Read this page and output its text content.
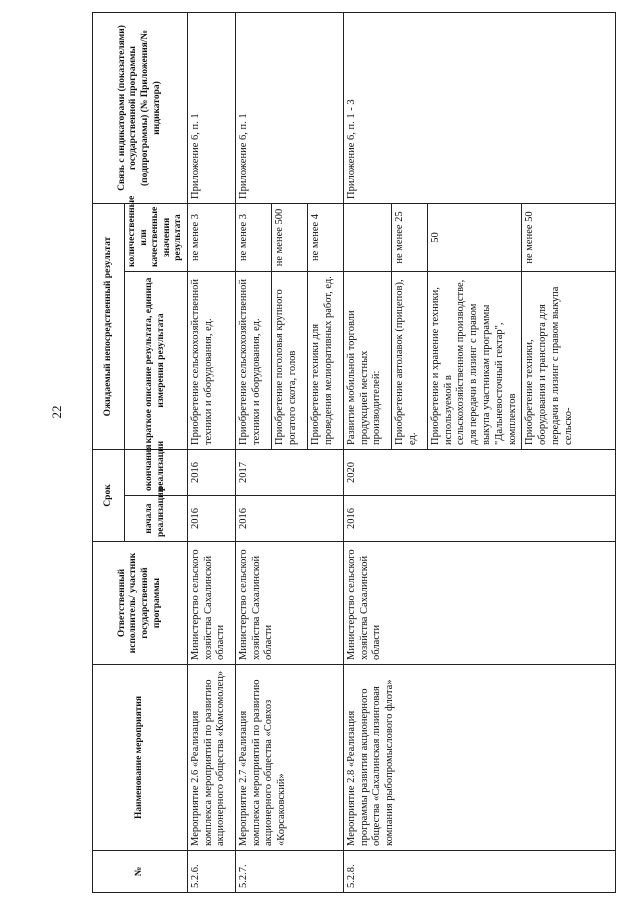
22
№	Наименование мероприятия	Ответственный исполнитель/ участник государственной программы	Срок		Ожидаемый непосредственный результат		Связь с индикаторами (показателями) государственной программы (подпрограммы) (№ Приложения/№ индикатора)
			начала реализации	окончания реализации	краткое описание результата, единица измерения результата	количественные или качественные значения результата	
5.2.6.	Мероприятие 2.6 «Реализация комплекса мероприятий по развитию акционерного общества «Комсомолец»	Министерство сельского хозяйства Сахалинской области	2016	2016	Приобретение сельскохозяйственной техники и оборудования, ед.	не менее 3	Приложение 6, п. 1
5.2.7.	Мероприятие 2.7 «Реализация комплекса мероприятий по развитию акционерного общества «Совхоз «Корсаковский»	Министерство сельского хозяйства Сахалинской области	2016	2017	Приобретение сельскохозяйственной техники и оборудования, ед.	не менее 3	Приложение 6, п. 1
					Приобретение поголовья крупного рогатого скота, голов	не менее 500	
					Приобретение техники для проведения мелиоративных работ, ед.	не менее 4	
5.2.8.	Мероприятие 2.8 «Реализация программы развития акционерного общества «Сахалинская лизинговая компания рыбопромыслового флота»	Министерство сельского хозяйства Сахалинской области	2016	2020	Развитие мобильной торговли продукцией местных производителей:		Приложение 6, п. 1 - 3
					Приобретение автолавок (прицепов), ед.	не менее 25	
					Приобретение и хранение техники, используемой в сельскохозяйственном производстве, для передачи в лизинг с правом выкупа участникам программы "Дальневосточный гектар", комплектов	50	
					Приобретение техники, оборудования и транспорта для передачи в лизинг с правом выкупа сельско-	не менее 50	
